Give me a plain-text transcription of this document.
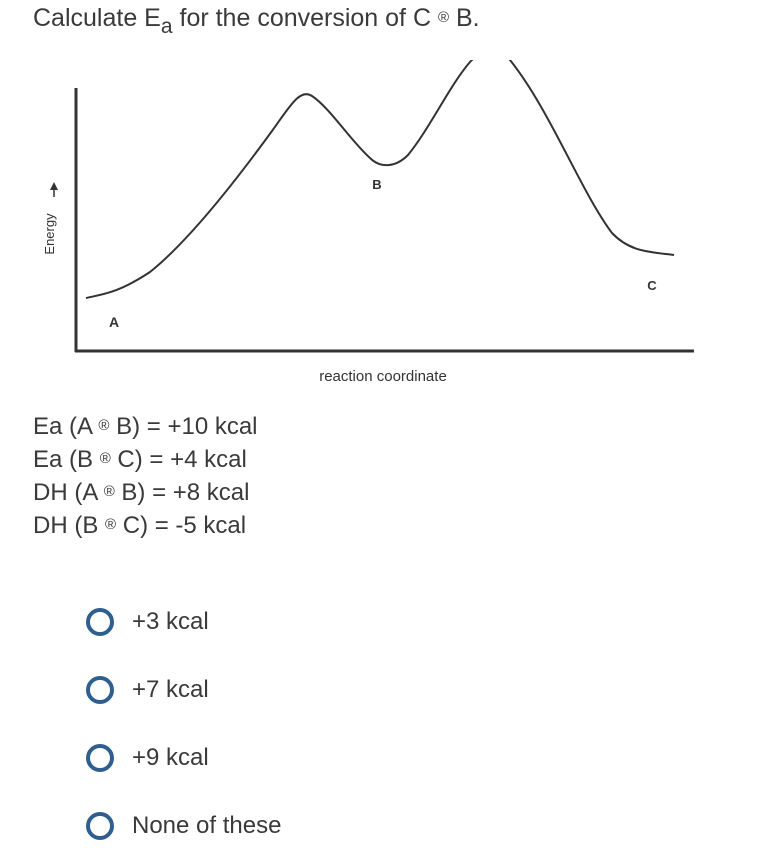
Calculate $E_a$ for the conversion of C ® B.
Energy
A
B
C
reaction coordinate
Ea (A ® B) = +10 kcal
Ea (B ® C) = +4 kcal
DH (A ® B) = +8 kcal
DH (B ® C) = -5 kcal
+3 kcal
+7 kcal
+9 kcal
None of these
